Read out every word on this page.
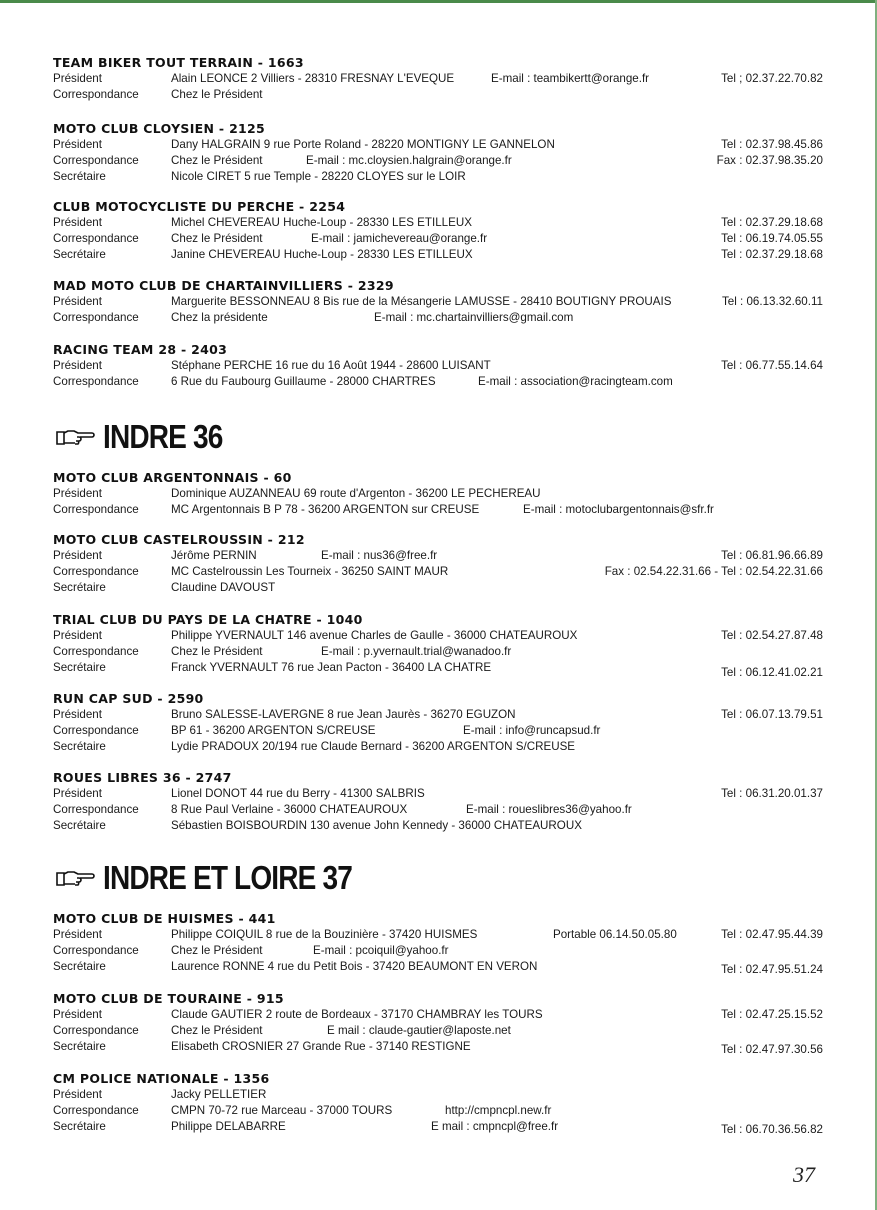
TEAM BIKER TOUT TERRAIN - 1663
Président	Alain LEONCE 2 Villiers - 28310 FRESNAY L'EVEQUE	E-mail : teambikertt@orange.fr	Tel ; 02.37.22.70.82
Correspondance	Chez le Président
MOTO CLUB CLOYSIEN - 2125
Président	Dany HALGRAIN 9 rue Porte Roland - 28220 MONTIGNY LE GANNELON	Tel : 02.37.98.45.86
Correspondance	Chez le Président	E-mail : mc.cloysien.halgrain@orange.fr	Fax : 02.37.98.35.20
Secrétaire	Nicole CIRET 5 rue Temple - 28220 CLOYES sur le LOIR
CLUB MOTOCYCLISTE DU PERCHE - 2254
Président	Michel CHEVEREAU Huche-Loup - 28330 LES ETILLEUX	Tel : 02.37.29.18.68
Correspondance	Chez le Président	E-mail : jamichevereau@orange.fr	Tel : 06.19.74.05.55
Secrétaire	Janine CHEVEREAU Huche-Loup - 28330 LES ETILLEUX	Tel : 02.37.29.18.68
MAD MOTO CLUB DE CHARTAINVILLIERS - 2329
Président	Marguerite BESSONNEAU 8 Bis rue de la Mésangerie LAMUSSE - 28410 BOUTIGNY PROUAIS	Tel : 06.13.32.60.11
Correspondance	Chez la présidente	E-mail : mc.chartainvilliers@gmail.com
RACING TEAM 28 - 2403
Président	Stéphane PERCHE 16 rue du 16 Août 1944 - 28600 LUISANT	Tel : 06.77.55.14.64
Correspondance	6 Rue du Faubourg Guillaume - 28000 CHARTRES	E-mail : association@racingteam.com
INDRE 36
MOTO CLUB ARGENTONNAIS - 60
Président	Dominique AUZANNEAU 69 route d'Argenton - 36200 LE PECHEREAU
Correspondance	MC Argentonnais B P 78 - 36200 ARGENTON sur CREUSE	E-mail : motoclubargentonnais@sfr.fr
MOTO CLUB CASTELROUSSIN - 212
Président	Jérôme PERNIN	E-mail : nus36@free.fr	Tel : 06.81.96.66.89
Correspondance	MC Castelroussin Les Tourneix - 36250 SAINT MAUR	Fax : 02.54.22.31.66 - Tel : 02.54.22.31.66
Secrétaire	Claudine DAVOUST
TRIAL CLUB DU PAYS DE LA CHATRE - 1040
Président	Philippe YVERNAULT 146 avenue Charles de Gaulle - 36000 CHATEAUROUX	Tel : 02.54.27.87.48
Correspondance	Chez le Président	E-mail : p.yvernault.trial@wanadoo.fr
Secrétaire	Franck YVERNAULT 76 rue Jean Pacton - 36400 LA CHATRE	Tel : 06.12.41.02.21
RUN CAP SUD - 2590
Président	Bruno SALESSE-LAVERGNE 8 rue Jean Jaurès - 36270 EGUZON	Tel : 06.07.13.79.51
Correspondance	BP 61 - 36200 ARGENTON S/CREUSE	E-mail : info@runcapsud.fr
Secrétaire	Lydie PRADOUX 20/194 rue Claude Bernard - 36200 ARGENTON S/CREUSE
ROUES LIBRES 36 - 2747
Président	Lionel DONOT 44 rue du Berry - 41300 SALBRIS	Tel : 06.31.20.01.37
Correspondance	8 Rue Paul Verlaine - 36000 CHATEAUROUX	E-mail : roueslibres36@yahoo.fr
Secrétaire	Sébastien BOISBOURDIN 130 avenue John Kennedy - 36000 CHATEAUROUX
INDRE ET LOIRE 37
MOTO CLUB DE HUISMES - 441
Président	Philippe COIQUIL 8 rue de la Bouzinière - 37420 HUISMES	Portable 06.14.50.05.80	Tel : 02.47.95.44.39
Correspondance	Chez le Président	E-mail : pcoiquil@yahoo.fr
Secrétaire	Laurence RONNE 4 rue du Petit Bois - 37420 BEAUMONT EN VERON	Tel : 02.47.95.51.24
MOTO CLUB DE TOURAINE - 915
Président	Claude GAUTIER 2 route de Bordeaux - 37170 CHAMBRAY les TOURS	Tel : 02.47.25.15.52
Correspondance	Chez le Président	E mail : claude-gautier@laposte.net
Secrétaire	Elisabeth CROSNIER 27 Grande Rue - 37140 RESTIGNE	Tel : 02.47.97.30.56
CM POLICE NATIONALE - 1356
Président	Jacky PELLETIER
Correspondance	CMPN 70-72 rue Marceau - 37000 TOURS	http://cmpncpl.new.fr
Secrétaire	Philippe DELABARRE	E mail : cmpncpl@free.fr	Tel : 06.70.36.56.82
37
